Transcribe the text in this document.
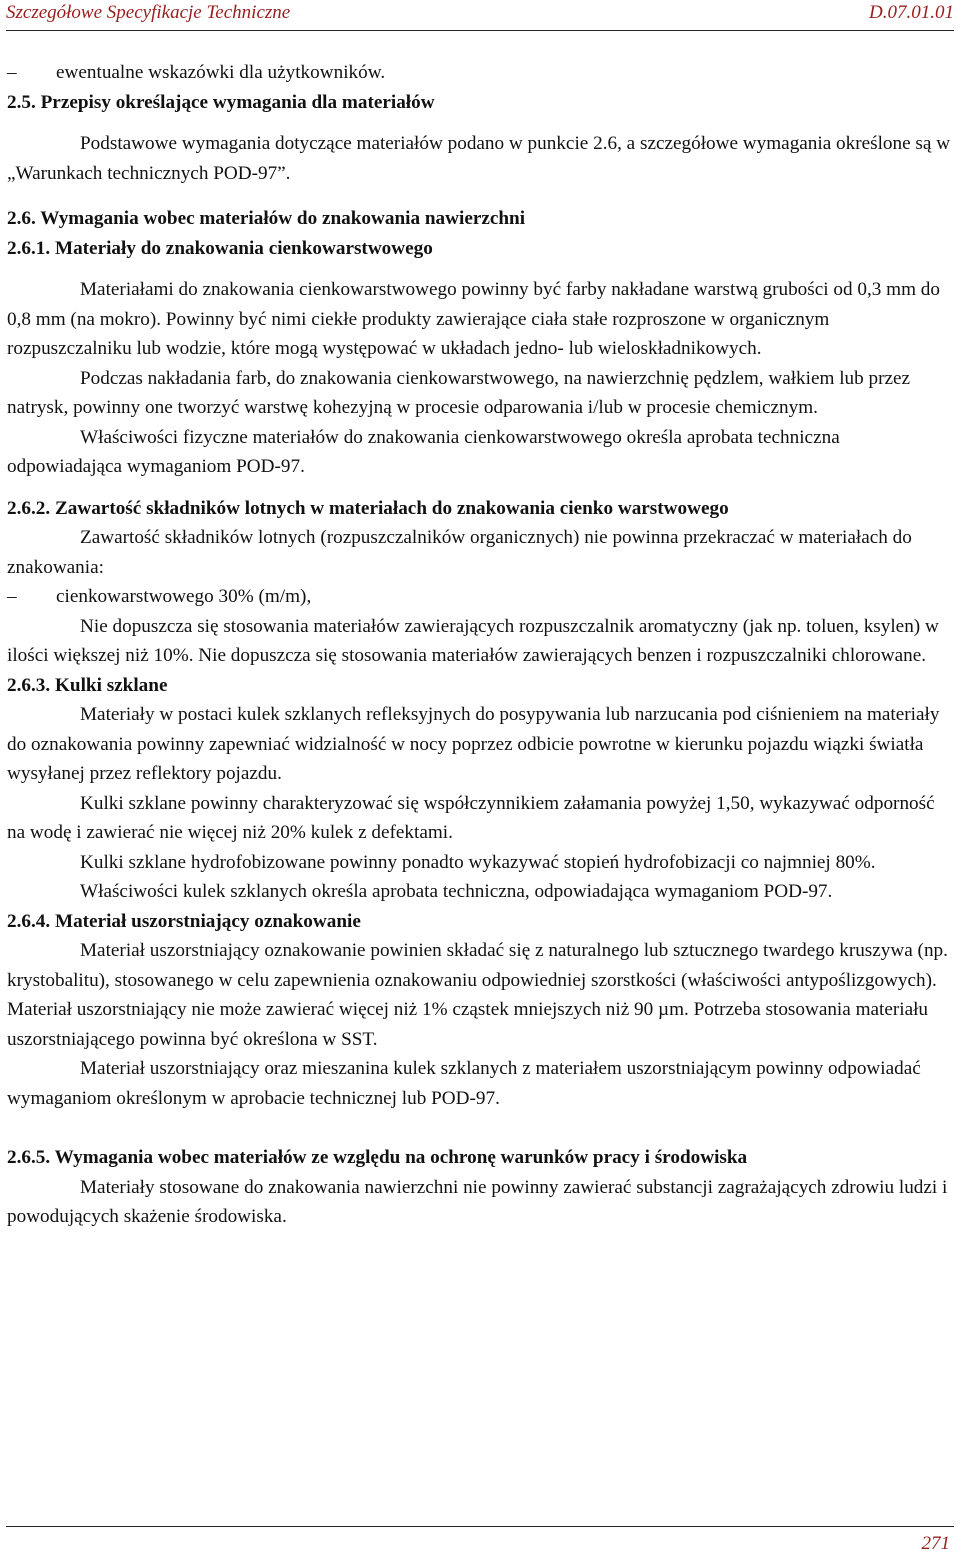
Szczegółowe Specyfikacje Techniczne	D.07.01.01

– ewentualne wskazówki dla użytkowników.

2.5. Przepisy określające wymagania dla materiałów

Podstawowe wymagania dotyczące materiałów podano w punkcie 2.6, a szczegółowe wymagania określone są w „Warunkach technicznych POD-97”.

2.6. Wymagania wobec materiałów do znakowania nawierzchni
2.6.1. Materiały do znakowania cienkowarstwowego

Materiałami do znakowania cienkowarstwowego powinny być farby nakładane warstwą grubości od 0,3 mm do 0,8 mm (na mokro). Powinny być nimi ciekłe produkty zawierające ciała stałe rozproszone w organicznym rozpuszczalniku lub wodzie, które mogą występować w układach jedno- lub wieloskładnikowych.

Podczas nakładania farb, do znakowania cienkowarstwowego, na nawierzchnię pędzlem, wałkiem lub przez natrysk, powinny one tworzyć warstwę kohezyjną w procesie odparowania i/lub w procesie chemicznym.

Właściwości fizyczne materiałów do znakowania cienkowarstwowego określa aprobata techniczna odpowiadająca wymaganiom POD-97.

2.6.2. Zawartość składników lotnych w materiałach do znakowania cienko warstwowego

Zawartość składników lotnych (rozpuszczalników organicznych) nie powinna przekraczać w materiałach do znakowania:

– cienkowarstwowego 30% (m/m),

Nie dopuszcza się stosowania materiałów zawierających rozpuszczalnik aromatyczny (jak np. toluen, ksylen) w ilości większej niż 10%. Nie dopuszcza się stosowania materiałów zawierających benzen i rozpuszczalniki chlorowane.

2.6.3. Kulki szklane

Materiały w postaci kulek szklanych refleksyjnych do posypywania lub narzucania pod ciśnieniem na materiały do oznakowania powinny zapewniać widzialność w nocy poprzez odbicie powrotne w kierunku pojazdu wiązki światła wysyłanej przez reflektory pojazdu.

Kulki szklane powinny charakteryzować się współczynnikiem załamania powyżej 1,50, wykazywać odporność na wodę i zawierać nie więcej niż 20% kulek z defektami.

Kulki szklane hydrofobizowane powinny ponadto wykazywać stopień hydrofobizacji co najmniej 80%.

Właściwości kulek szklanych określa aprobata techniczna, odpowiadająca wymaganiom POD-97.

2.6.4. Materiał uszorstniający oznakowanie

Materiał uszorstniający oznakowanie powinien składać się z naturalnego lub sztucznego twardego kruszywa (np. krystobalitu), stosowanego w celu zapewnienia oznakowaniu odpowiedniej szorstkości (właściwości antypoślizgowych). Materiał uszorstniający nie może zawierać więcej niż 1% cząstek mniejszych niż 90 µm. Potrzeba stosowania materiału uszorstniającego powinna być określona w SST.

Materiał uszorstniający oraz mieszanina kulek szklanych z materiałem uszorstniającym powinny odpowiadać wymaganiom określonym w aprobacie technicznej lub POD-97.

2.6.5. Wymagania wobec materiałów ze względu na ochronę warunków pracy i środowiska

Materiały stosowane do znakowania nawierzchni nie powinny zawierać substancji zagrażających zdrowiu ludzi i powodujących skażenie środowiska.

271
